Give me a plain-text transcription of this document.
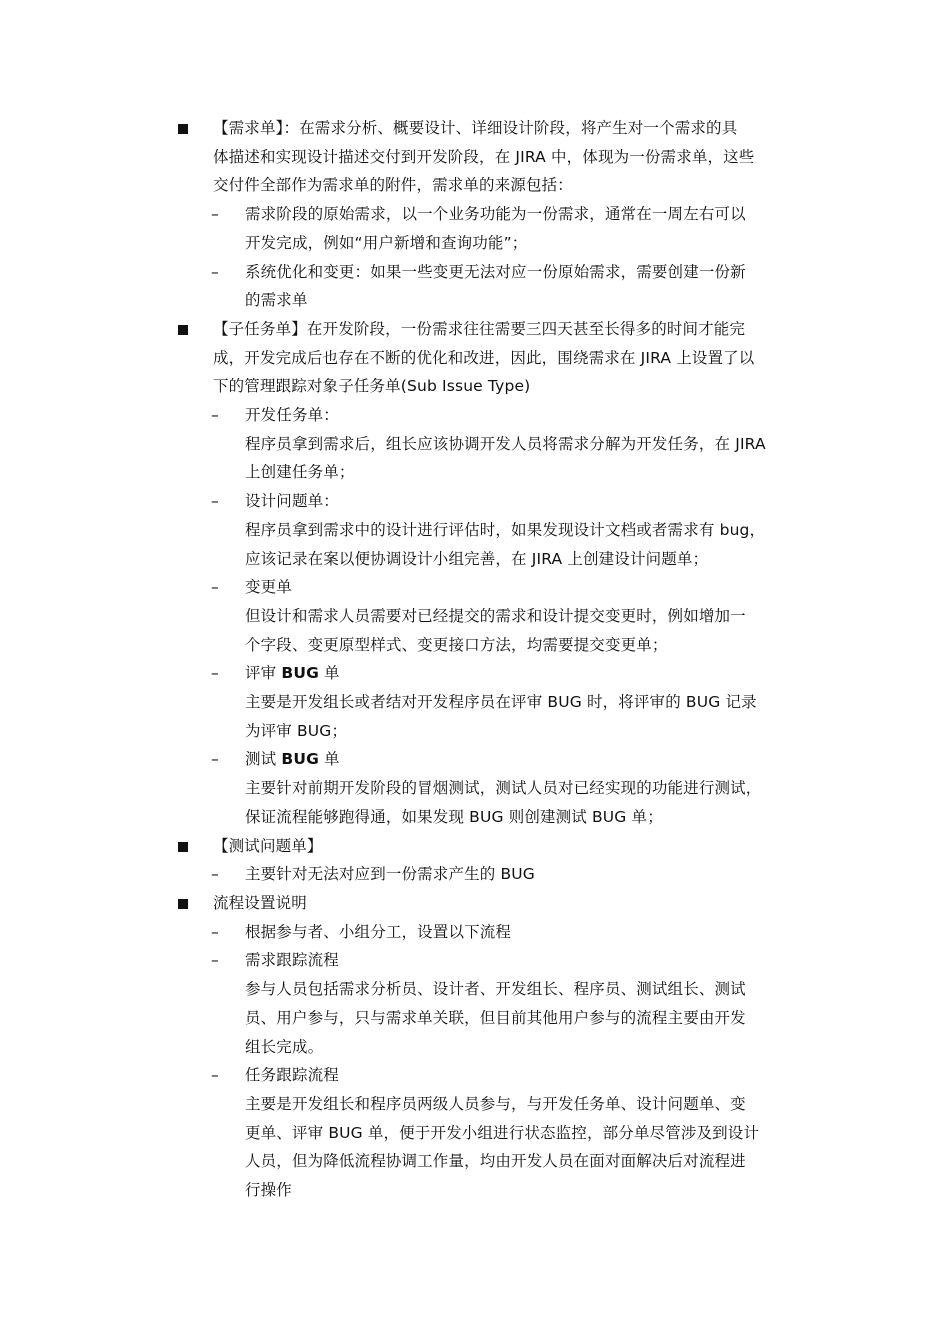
【需求单】：在需求分析、概要设计、详细设计阶段，将产生对一个需求的具
体描述和实现设计描述交付到开发阶段，在 JIRA 中，体现为一份需求单，这些
交付件全部作为需求单的附件，需求单的来源包括：
–	需求阶段的原始需求，以一个业务功能为一份需求，通常在一周左右可以
开发完成，例如“用户新增和查询功能”；
–	系统优化和变更：如果一些变更无法对应一份原始需求，需要创建一份新
的需求单
【子任务单】在开发阶段，一份需求往往需要三四天甚至长得多的时间才能完
成，开发完成后也存在不断的优化和改进，因此，围绕需求在 JIRA 上设置了以
下的管理跟踪对象子任务单(Sub Issue Type)
–	开发任务单：
程序员拿到需求后，组长应该协调开发人员将需求分解为开发任务，在 JIRA
上创建任务单；
–	设计问题单：
程序员拿到需求中的设计进行评估时，如果发现设计文档或者需求有 bug，
应该记录在案以便协调设计小组完善，在 JIRA 上创建设计问题单；
–	变更单
但设计和需求人员需要对已经提交的需求和设计提交变更时，例如增加一
个字段、变更原型样式、变更接口方法，均需要提交变更单；
–	评审 BUG 单
主要是开发组长或者结对开发程序员在评审 BUG 时，将评审的 BUG 记录
为评审 BUG；
–	测试 BUG 单
主要针对前期开发阶段的冒烟测试，测试人员对已经实现的功能进行测试，
保证流程能够跑得通，如果发现 BUG 则创建测试 BUG 单；
【测试问题单】
–	主要针对无法对应到一份需求产生的 BUG
流程设置说明
–	根据参与者、小组分工，设置以下流程
–	需求跟踪流程
参与人员包括需求分析员、设计者、开发组长、程序员、测试组长、测试
员、用户参与，只与需求单关联，但目前其他用户参与的流程主要由开发
组长完成。
–	任务跟踪流程
主要是开发组长和程序员两级人员参与，与开发任务单、设计问题单、变
更单、评审 BUG 单，便于开发小组进行状态监控，部分单尽管涉及到设计
人员，但为降低流程协调工作量，均由开发人员在面对面解决后对流程进
行操作
